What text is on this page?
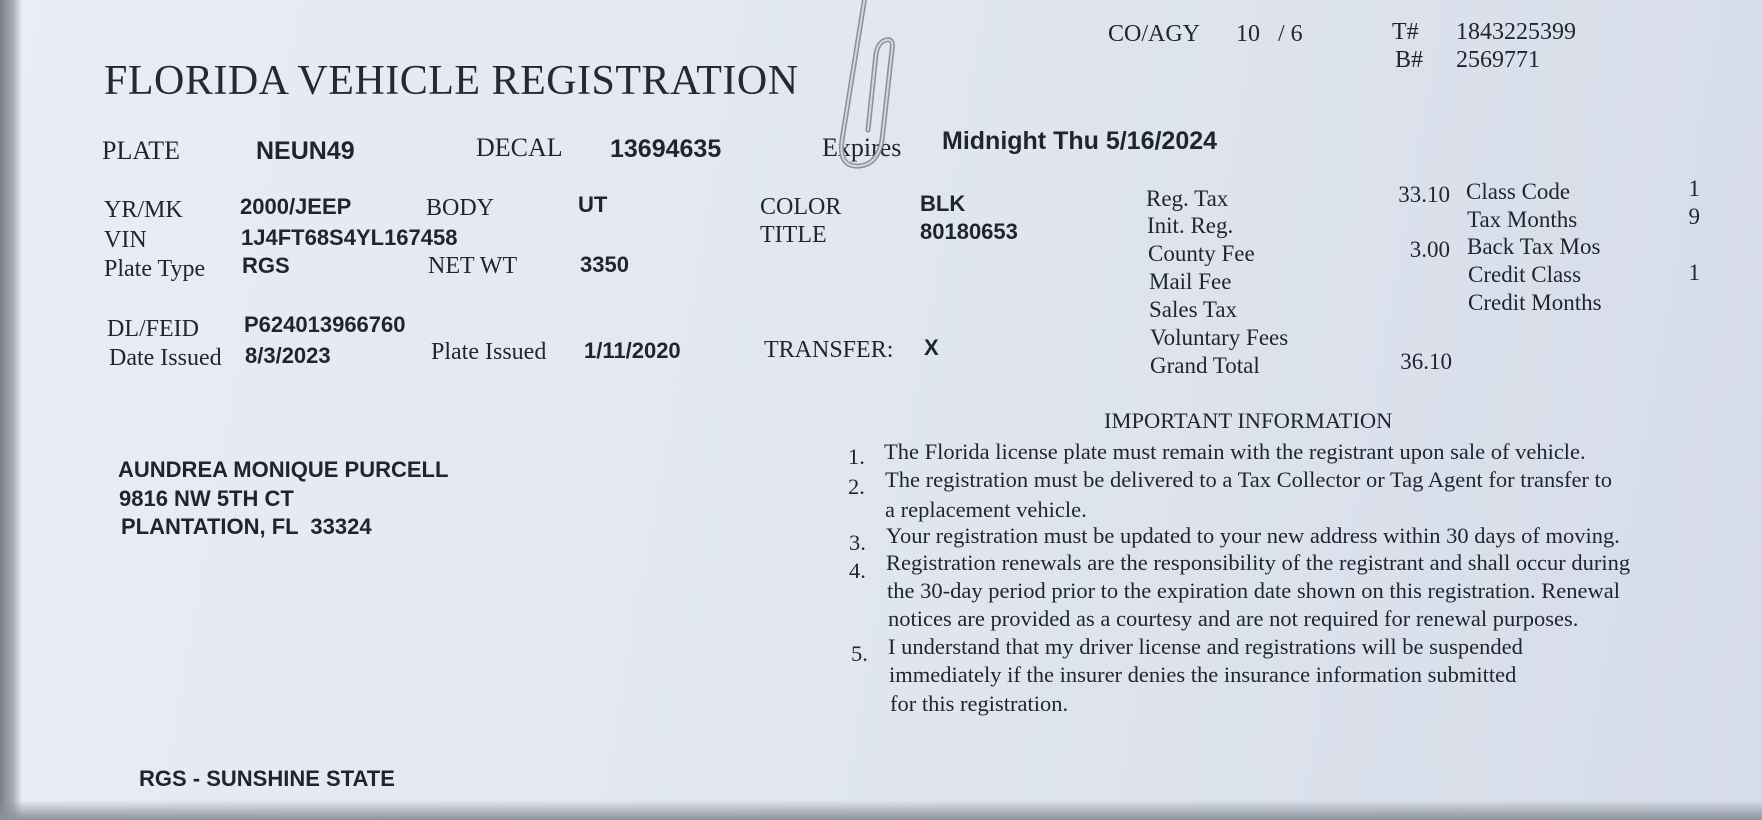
CO/AGY 10   / 6	T# 1843225399
B# 2569771
FLORIDA VEHICLE REGISTRATION
PLATE	NEUN49	DECAL 13694635	Expires Midnight Thu 5/16/2024
YR/MK	2000/JEEP	BODY	UT	COLOR	BLK
VIN	1J4FT68S4YL167458	TITLE	80180653
Plate Type RGS	NET WT	3350
DL/FEID P624013966760
Date Issued 8/3/2023	Plate Issued 1/11/2020	TRANSFER: X
Reg. Tax	33.10
Init. Reg.
County Fee	3.00
Mail Fee
Sales Tax
Voluntary Fees
Grand Total	36.10
Class Code	1
Tax Months	9
Back Tax Mos
Credit Class	1
Credit Months
AUNDREA MONIQUE PURCELL
9816 NW 5TH CT
PLANTATION, FL  33324
IMPORTANT INFORMATION
1. The Florida license plate must remain with the registrant upon sale of vehicle.
2. The registration must be delivered to a Tax Collector or Tag Agent for transfer to
a replacement vehicle.
3. Your registration must be updated to your new address within 30 days of moving.
4. Registration renewals are the responsibility of the registrant and shall occur during
the 30-day period prior to the expiration date shown on this registration. Renewal
notices are provided as a courtesy and are not required for renewal purposes.
5. I understand that my driver license and registrations will be suspended
immediately if the insurer denies the insurance information submitted
for this registration.
RGS - SUNSHINE STATE
